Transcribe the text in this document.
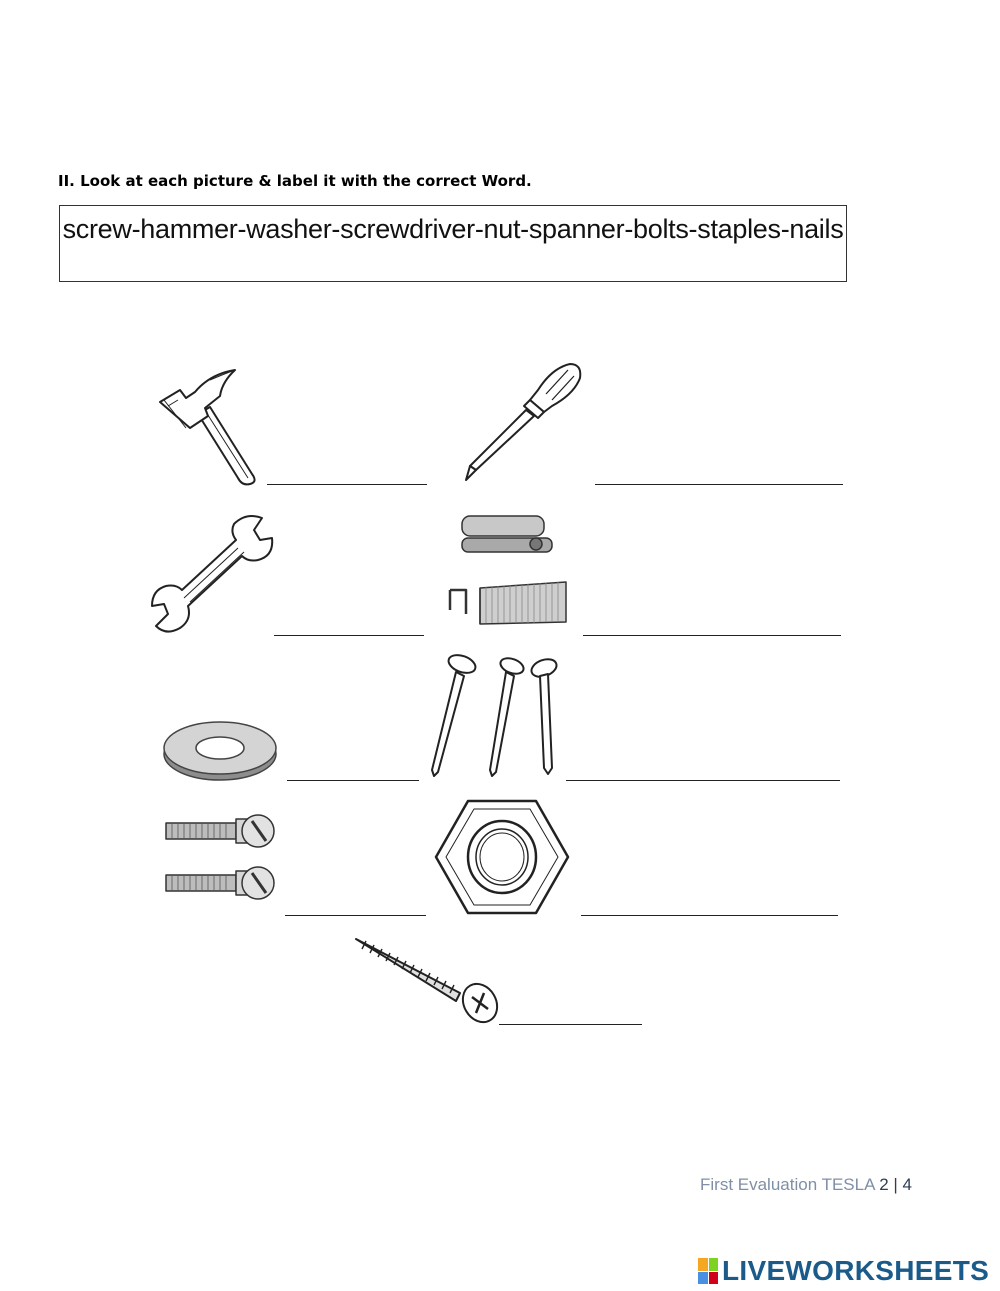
II. Look at each picture & label it with the correct Word.
screw-hammer-washer-screwdriver-nut-spanner-bolts-staples-nails
First Evaluation TESLA 2 | 4
LIVEWORKSHEETS
